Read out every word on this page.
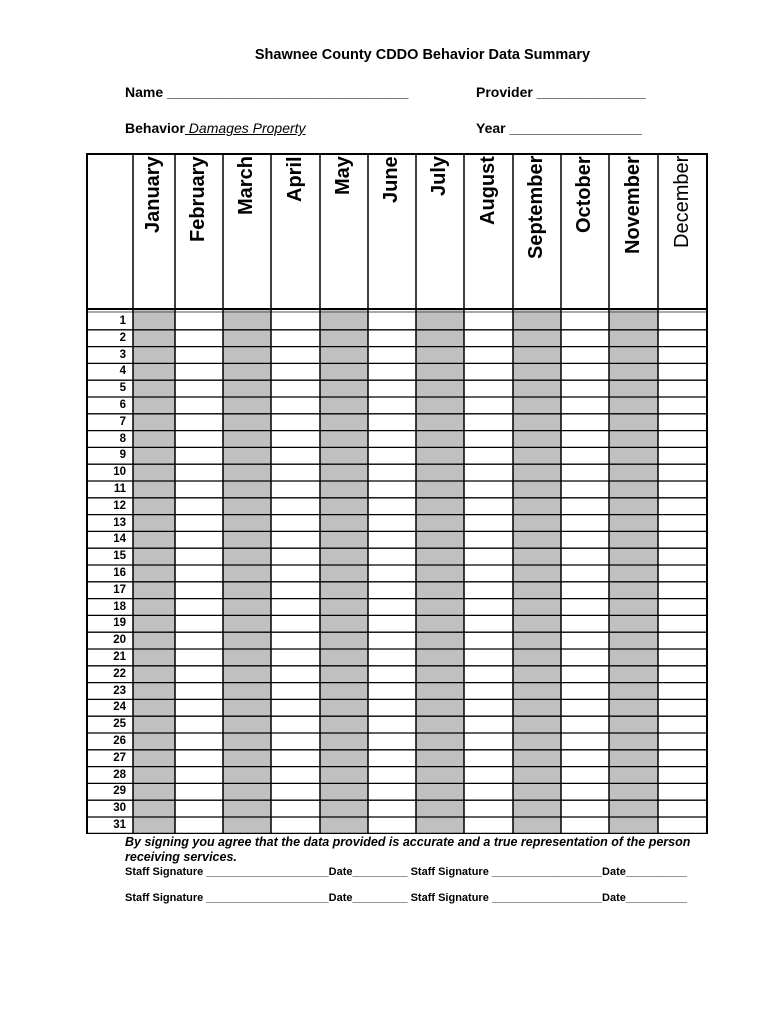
Shawnee County CDDO Behavior Data Summary
Name _______________________________	Provider ______________
Behavior Damages Property	Year _________________
January February March April May June July August September October November December
1
2
3
4
5
6
7
8
9
10
11
12
13
14
15
16
17
18
19
20
21
22
23
24
25
26
27
28
29
30
31
By signing you agree that the data provided is accurate and a true representation of the person receiving services.
Staff Signature ____________________Date_________ Staff Signature __________________Date__________
Staff Signature ____________________Date_________ Staff Signature __________________Date__________
